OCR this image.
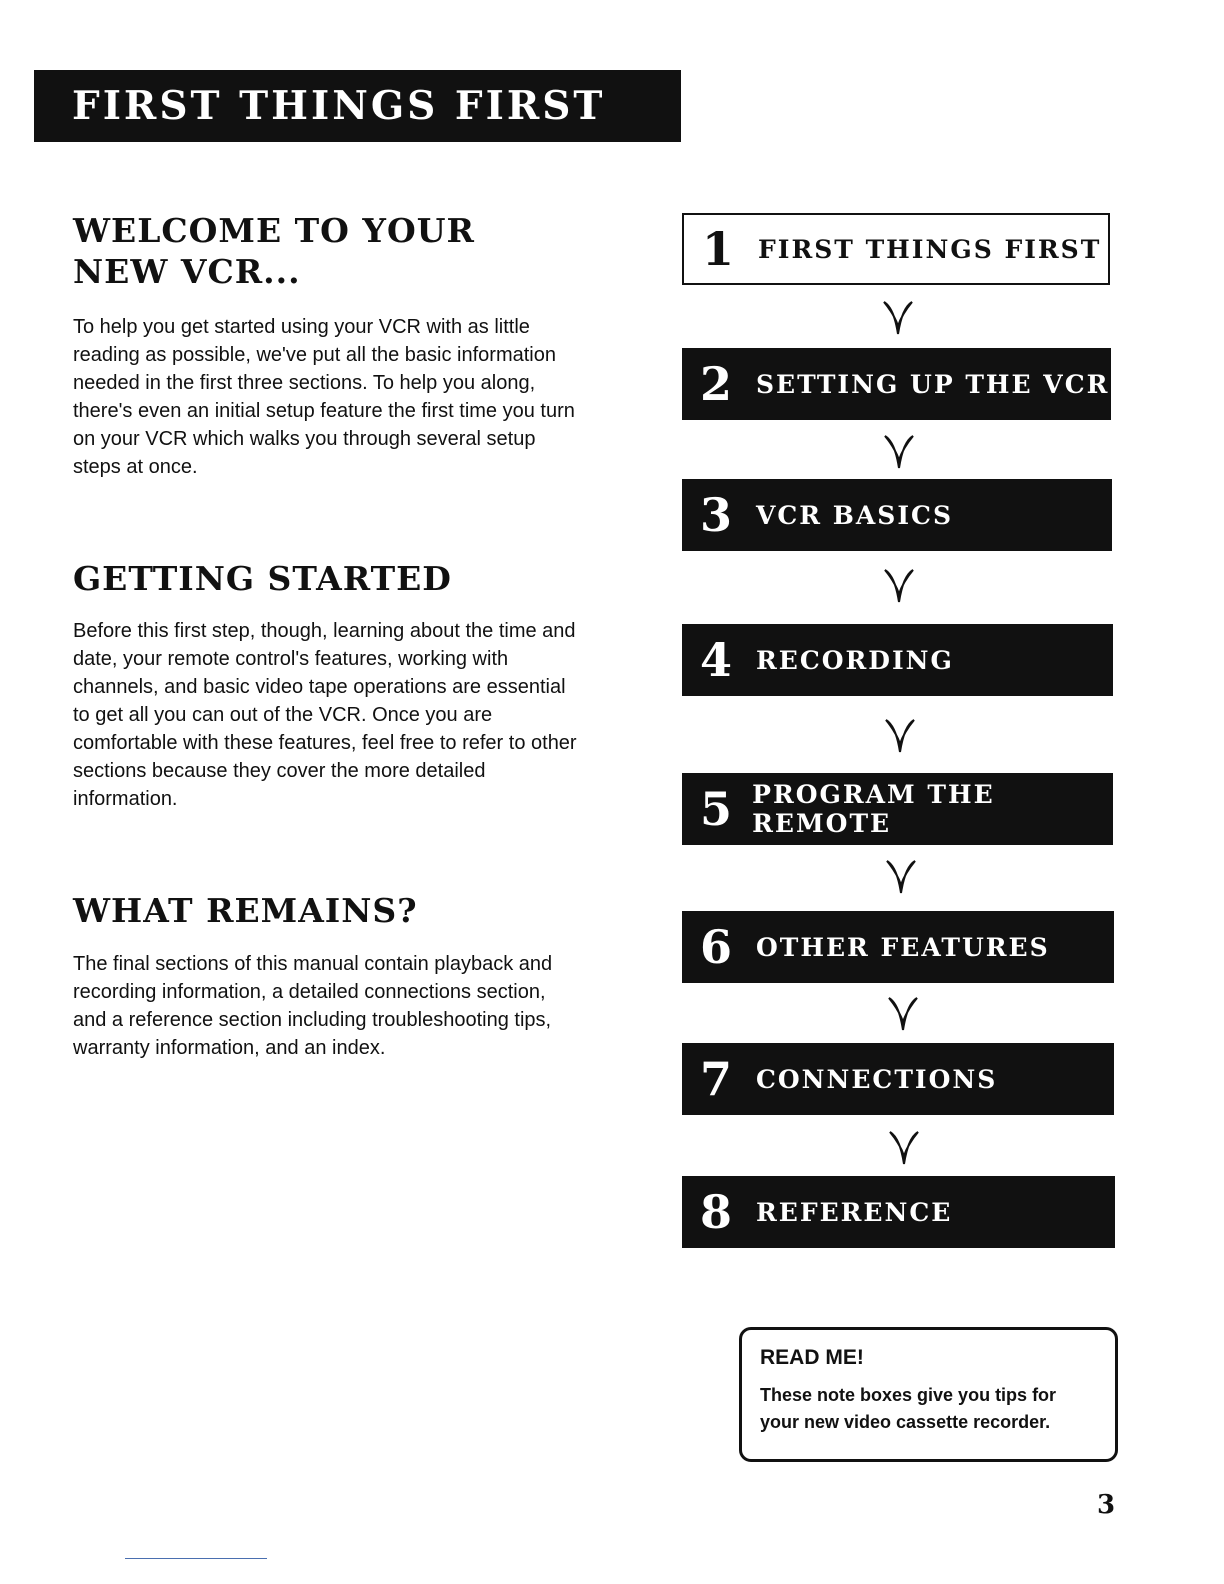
FIRST THINGS FIRST
WELCOME TO YOUR
NEW VCR...

To help you get started using your VCR with as little reading as possible, we've put all the basic information needed in the first three sections. To help you along, there's even an initial setup feature the first time you turn on your VCR which walks you through several setup steps at once.

GETTING STARTED

Before this first step, though, learning about the time and date, your remote control's features, working with channels, and basic video tape operations are essential to get all you can out of the VCR. Once you are comfortable with these features, feel free to refer to other sections because they cover the more detailed information.

WHAT REMAINS?

The final sections of this manual contain playback and recording information, a detailed connections section, and a reference section including troubleshooting tips, warranty information, and an index.

1 FIRST THINGS FIRST
2 SETTING UP THE VCR
3 VCR BASICS
4 RECORDING
5 PROGRAM THE REMOTE
6 OTHER FEATURES
7 CONNECTIONS
8 REFERENCE

READ ME!

These note boxes give you tips for your new video cassette recorder.

3
